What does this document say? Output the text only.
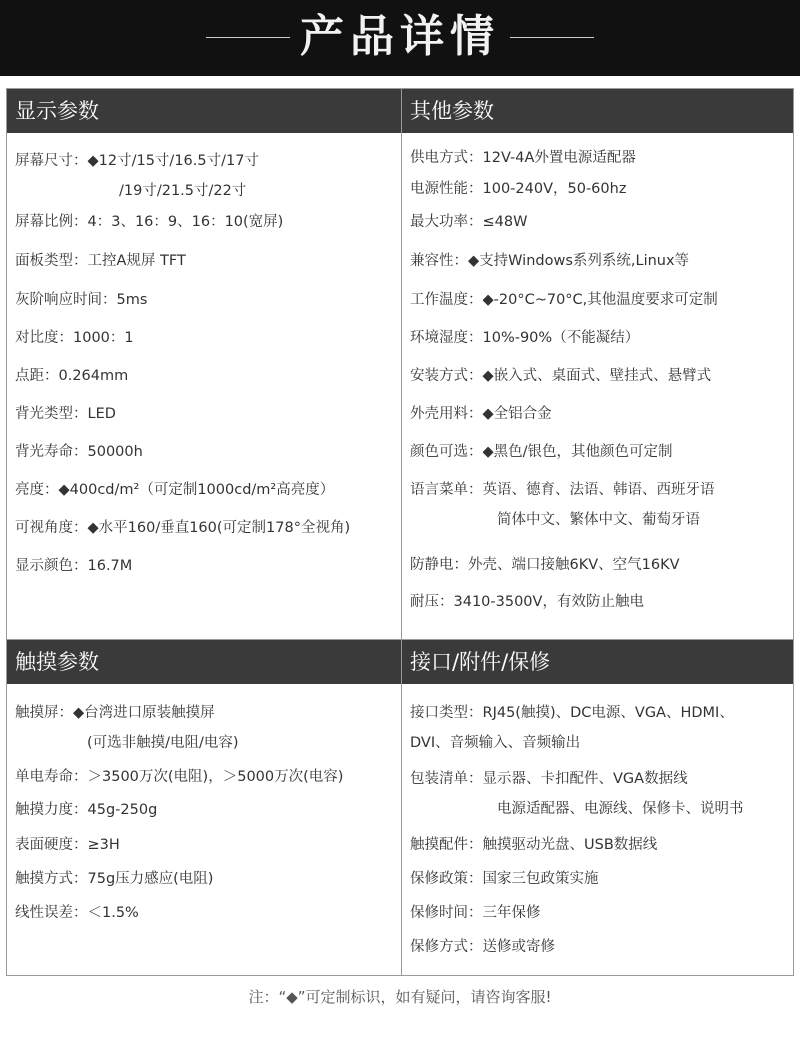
产品详情
显示参数
屏幕尺寸：◆12寸/15寸/16.5寸/17寸
/19寸/21.5寸/22寸
屏幕比例：4：3、16：9、16：10(宽屏)
面板类型：工控A规屏 TFT
灰阶响应时间：5ms
对比度：1000：1
点距：0.264mm
背光类型：LED
背光寿命：50000h
亮度：◆400cd/m²（可定制1000cd/m²高亮度）
可视角度：◆水平160/垂直160(可定制178°全视角)
显示颜色：16.7M
其他参数
供电方式：12V-4A外置电源适配器
电源性能：100-240V，50-60hz
最大功率：≤48W
兼容性：◆支持Windows系列系统,Linux等
工作温度：◆-20°C~70°C,其他温度要求可定制
环境湿度：10%-90%（不能凝结）
安装方式：◆嵌入式、桌面式、壁挂式、悬臂式
外壳用料：◆全铝合金
颜色可选：◆黑色/银色，其他颜色可定制
语言菜单：英语、德育、法语、韩语、西班牙语
简体中文、繁体中文、葡萄牙语
防静电：外壳、端口接触6KV、空气16KV
耐压：3410-3500V，有效防止触电
触摸参数
触摸屏：◆台湾进口原装触摸屏
(可选非触摸/电阻/电容)
单电寿命：＞3500万次(电阻)，＞5000万次(电容)
触摸力度：45g-250g
表面硬度：≥3H
触摸方式：75g压力感应(电阻)
线性误差：＜1.5%
接口/附件/保修
接口类型：RJ45(触摸)、DC电源、VGA、HDMI、
DVI、音频输入、音频输出
包装清单：显示器、卡扣配件、VGA数据线
电源适配器、电源线、保修卡、说明书
触摸配件：触摸驱动光盘、USB数据线
保修政策：国家三包政策实施
保修时间：三年保修
保修方式：送修或寄修
注：“◆”可定制标识，如有疑问，请咨询客服!
